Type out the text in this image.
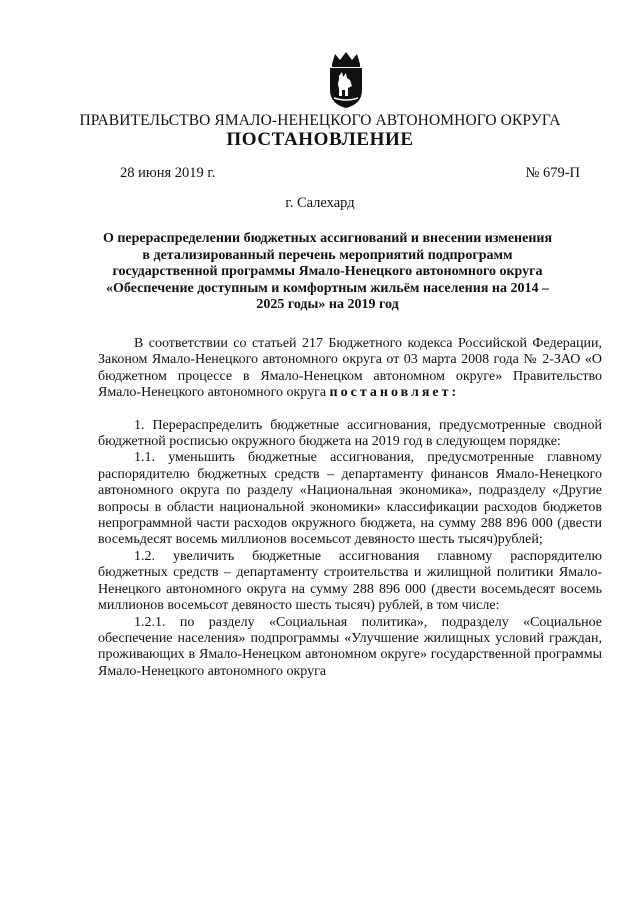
ПРАВИТЕЛЬСТВО ЯМАЛО-НЕНЕЦКОГО АВТОНОМНОГО ОКРУГА
ПОСТАНОВЛЕНИЕ
28 июня 2019 г.	№ 679-П
г. Салехард
О перераспределении бюджетных ассигнований и внесении изменения в детализированный перечень мероприятий подпрограмм государственной программы Ямало-Ненецкого автономного округа «Обеспечение доступным и комфортным жильём населения на 2014 – 2025 годы» на 2019 год

В соответствии со статьей 217 Бюджетного кодекса Российской Федерации, Законом Ямало-Ненецкого автономного округа от 03 марта 2008 года № 2-ЗАО «О бюджетном процессе в Ямало-Ненецком автономном округе» Правительство Ямало-Ненецкого автономного округа постановляет:

1. Перераспределить бюджетные ассигнования, предусмотренные сводной бюджетной росписью окружного бюджета на 2019 год в следующем порядке:

1.1. уменьшить бюджетные ассигнования, предусмотренные главному распорядителю бюджетных средств – департаменту финансов Ямало-Ненецкого автономного округа по разделу «Национальная экономика», подразделу «Другие вопросы в области национальной экономики» классификации расходов бюджетов непрограммной части расходов окружного бюджета, на сумму 288 896 000 (двести восемьдесят восемь миллионов восемьсот девяносто шесть тысяч)рублей;

1.2. увеличить бюджетные ассигнования главному распорядителю бюджетных средств – департаменту строительства и жилищной политики Ямало-Ненецкого автономного округа на сумму 288 896 000 (двести восемьдесят восемь миллионов восемьсот девяносто шесть тысяч) рублей, в том числе:

1.2.1. по разделу «Социальная политика», подразделу «Социальное обеспечение населения» подпрограммы «Улучшение жилищных условий граждан, проживающих в Ямало-Ненецком автономном округе» государственной программы Ямало-Ненецкого автономного округа
